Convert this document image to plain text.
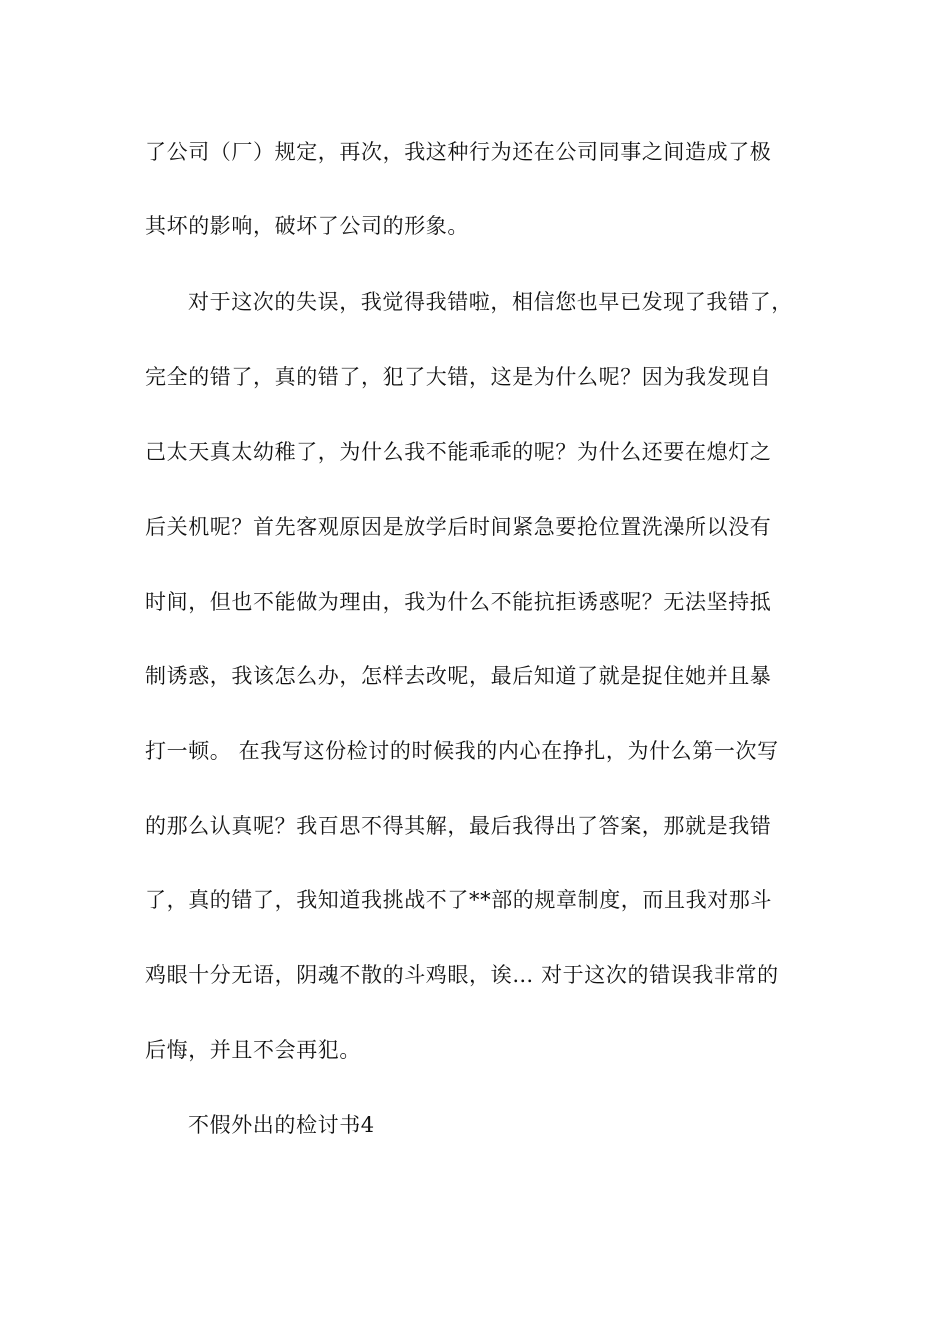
了公司（厂）规定，再次，我这种行为还在公司同事之间造成了极
其坏的影响，破坏了公司的形象。
对于这次的失误，我觉得我错啦，相信您也早已发现了我错了，
完全的错了，真的错了，犯了大错，这是为什么呢？因为我发现自
己太天真太幼稚了，为什么我不能乖乖的呢？为什么还要在熄灯之
后关机呢？首先客观原因是放学后时间紧急要抢位置洗澡所以没有
时间，但也不能做为理由，我为什么不能抗拒诱惑呢？无法坚持抵
制诱惑，我该怎么办，怎样去改呢，最后知道了就是捉住她并且暴
打一顿。 在我写这份检讨的时候我的内心在挣扎，为什么第一次写
的那么认真呢？我百思不得其解，最后我得出了答案，那就是我错
了，真的错了，我知道我挑战不了**部的规章制度，而且我对那斗
鸡眼十分无语，阴魂不散的斗鸡眼，诶… 对于这次的错误我非常的
后悔，并且不会再犯。
不假外出的检讨书4
